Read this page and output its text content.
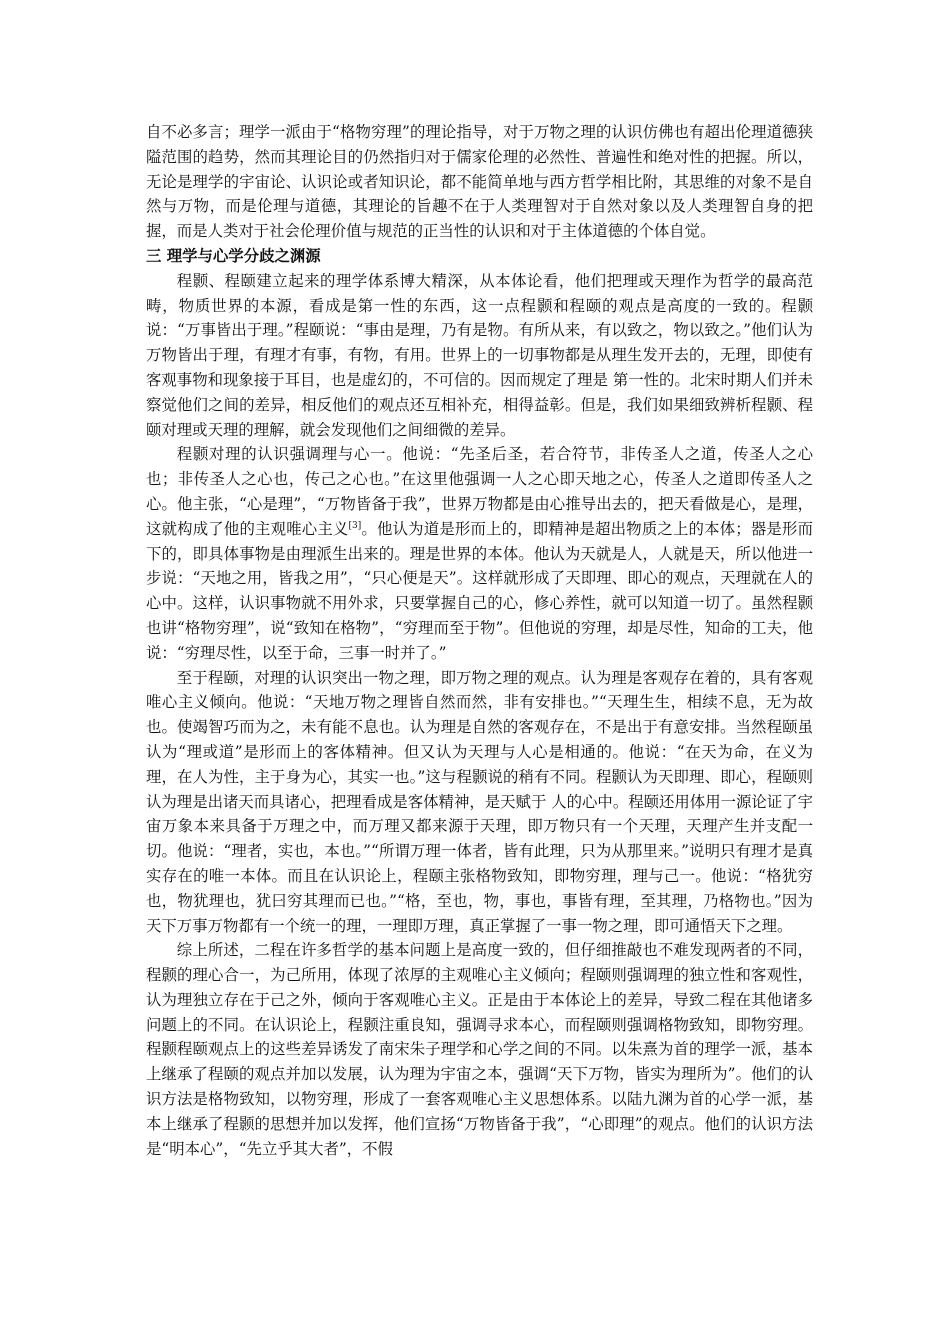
自不必多言；理学一派由于“格物穷理”的理论指导，对于万物之理的认识仿佛也有超出伦理道德狭隘范围的趋势，然而其理论目的仍然指归对于儒家伦理的必然性、普遍性和绝对性的把握。所以，无论是理学的宇宙论、认识论或者知识论，都不能简单地与西方哲学相比附，其思维的对象不是自然与万物，而是伦理与道德，其理论的旨趣不在于人类理智对于自然对象以及人类理智自身的把握，而是人类对于社会伦理价值与规范的正当性的认识和对于主体道德的个体自觉。

三 理学与心学分歧之渊源

程颢、程颐建立起来的理学体系博大精深，从本体论看，他们把理或天理作为哲学的最高范畴，物质世界的本源，看成是第一性的东西，这一点程颢和程颐的观点是高度的一致的。程颢说：“万事皆出于理。”程颐说：“事由是理，乃有是物。有所从来，有以致之，物以致之。”他们认为万物皆出于理，有理才有事，有物，有用。世界上的一切事物都是从理生发开去的，无理，即使有客观事物和现象接于耳目，也是虚幻的，不可信的。因而规定了理是 第一性的。北宋时期人们并未察觉他们之间的差异，相反他们的观点还互相补充，相得益彰。但是，我们如果细致辨析程颢、程颐对理或天理的理解，就会发现他们之间细微的差异。

程颢对理的认识强调理与心一。他说：“先圣后圣，若合符节，非传圣人之道，传圣人之心也；非传圣人之心也，传己之心也。”在这里他强调一人之心即天地之心，传圣人之道即传圣人之心。他主张，“心是理”，“万物皆备于我”，世界万物都是由心推导出去的，把天看做是心，是理，这就构成了他的主观唯心主义[3]。他认为道是形而上的，即精神是超出物质之上的本体；器是形而下的，即具体事物是由理派生出来的。理是世界的本体。他认为天就是人，人就是天，所以他进一步说：“天地之用，皆我之用”，“只心便是天”。这样就形成了天即理、即心的观点，天理就在人的心中。这样，认识事物就不用外求，只要掌握自己的心，修心养性，就可以知道一切了。虽然程颢也讲“格物穷理”，说“致知在格物”，“穷理而至于物”。但他说的穷理，却是尽性，知命的工夫，他说：“穷理尽性，以至于命，三事一时并了。”

至于程颐，对理的认识突出一物之理，即万物之理的观点。认为理是客观存在着的，具有客观唯心主义倾向。他说：“天地万物之理皆自然而然，非有安排也。”“天理生生，相续不息，无为故也。使竭智巧而为之，未有能不息也。认为理是自然的客观存在，不是出于有意安排。当然程颐虽认为“理或道”是形而上的客体精神。但又认为天理与人心是相通的。他说：“在天为命，在义为理，在人为性，主于身为心，其实一也。”这与程颢说的稍有不同。程颢认为天即理、即心，程颐则认为理是出诸天而具诸心，把理看成是客体精神，是天赋于 人的心中。程颐还用体用一源论证了宇宙万象本来具备于万理之中，而万理又都来源于天理，即万物只有一个天理，天理产生并支配一切。他说：“理者，实也，本也。”“所谓万理一体者，皆有此理，只为从那里来。”说明只有理才是真实存在的唯一本体。而且在认识论上，程颐主张格物致知，即物穷理，理与己一。他说：“格犹穷也，物犹理也，犹曰穷其理而已也。”“格，至也，物，事也，事皆有理，至其理，乃格物也。”因为天下万事万物都有一个统一的理，一理即万理，真正掌握了一事一物之理，即可通悟天下之理。

综上所述，二程在许多哲学的基本问题上是高度一致的，但仔细推敲也不难发现两者的不同，程颢的理心合一，为己所用，体现了浓厚的主观唯心主义倾向；程颐则强调理的独立性和客观性，认为理独立存在于己之外，倾向于客观唯心主义。正是由于本体论上的差异，导致二程在其他诸多问题上的不同。在认识论上，程颢注重良知，强调寻求本心，而程颐则强调格物致知，即物穷理。程颢程颐观点上的这些差异诱发了南宋朱子理学和心学之间的不同。以朱熹为首的理学一派，基本上继承了程颐的观点并加以发展，认为理为宇宙之本，强调“天下万物，皆实为理所为”。他们的认识方法是格物致知，以物穷理，形成了一套客观唯心主义思想体系。以陆九渊为首的心学一派，基本上继承了程颢的思想并加以发挥，他们宣扬“万物皆备于我”，“心即理”的观点。他们的认识方法是“明本心”，“先立乎其大者”，不假
